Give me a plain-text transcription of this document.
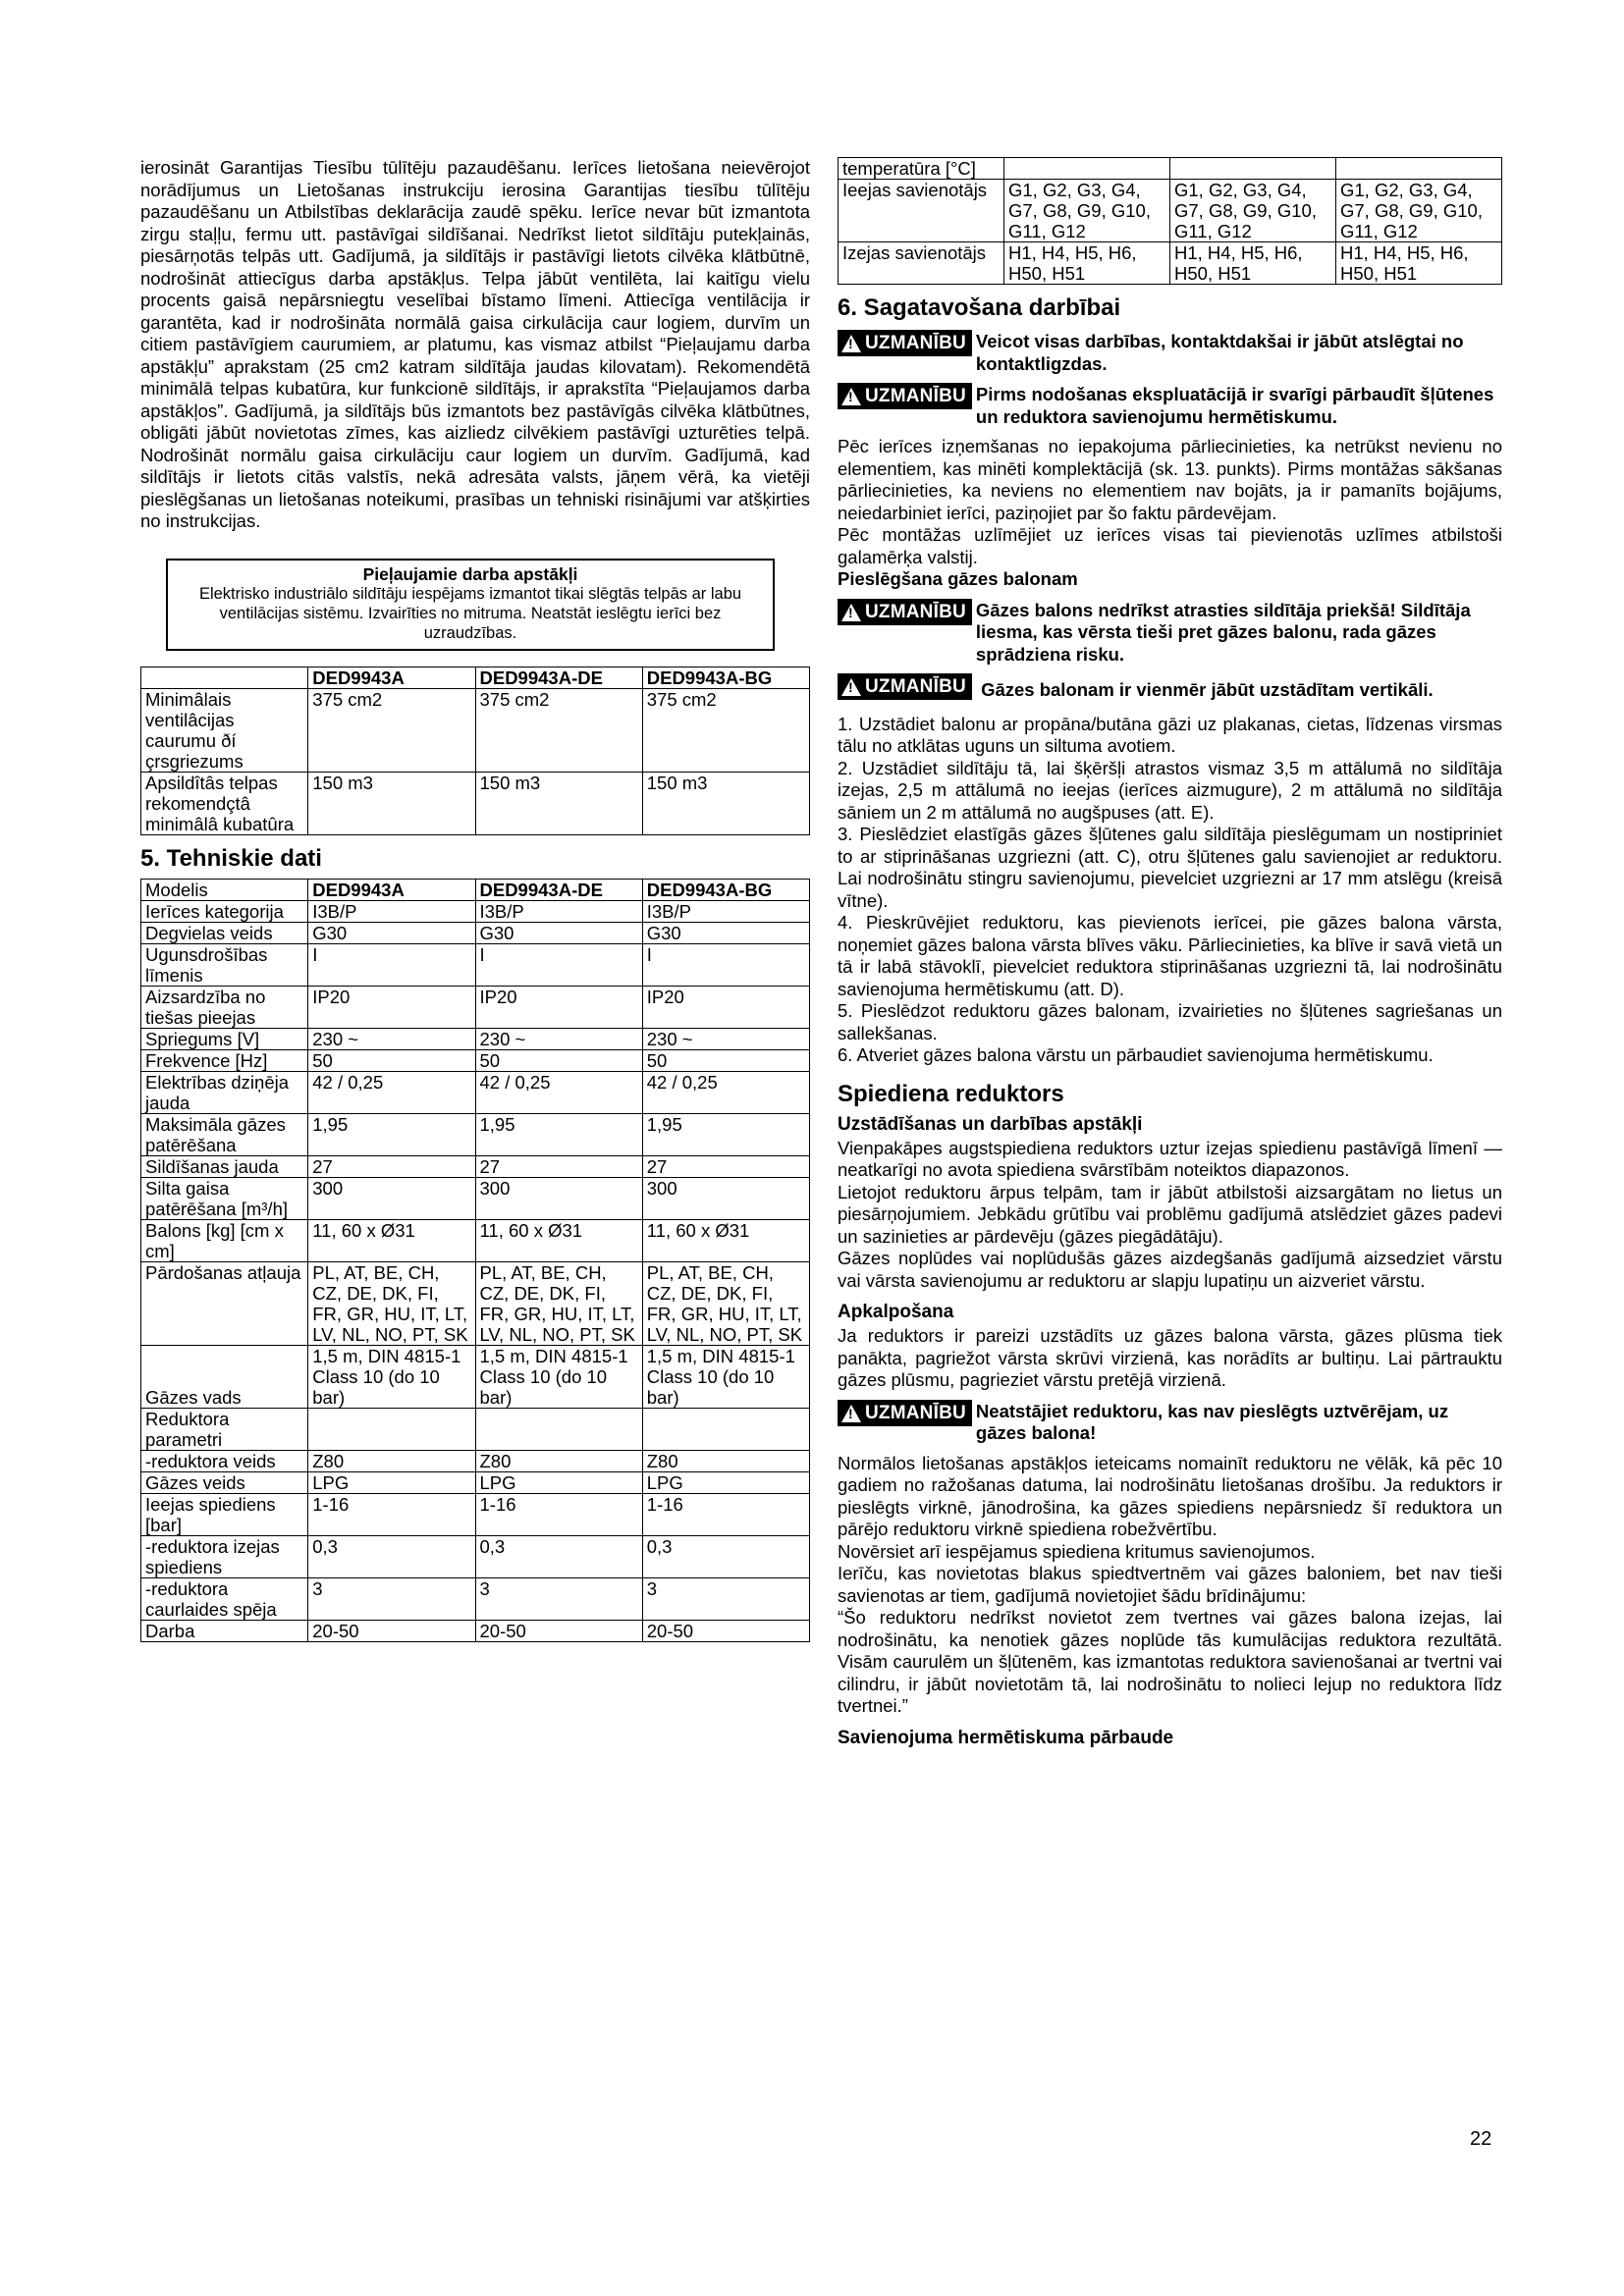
ierosināt Garantijas Tiesību tūlītēju pazaudēšanu. Ierīces lietošana neievērojot norādījumus un Lietošanas instrukciju ierosina Garantijas tiesību tūlītēju pazaudēšanu un Atbilstības deklarācija zaudē spēku. Ierīce nevar būt izmantota zirgu staļļu, fermu utt. pastāvīgai sildīšanai. Nedrīkst lietot sildītāju putekļainās, piesārņotās telpās utt. Gadījumā, ja sildītājs ir pastāvīgi lietots cilvēka klātbūtnē, nodrošināt attiecīgus darba apstākļus. Telpa jābūt ventilēta, lai kaitīgu vielu procents gaisā nepārsniegtu veselībai bīstamo līmeni. Attiecīga ventilācija ir garantēta, kad ir nodrošināta normālā gaisa cirkulācija caur logiem, durvīm un citiem pastāvīgiem caurumiem, ar platumu, kas vismaz atbilst “Pieļaujamu darba apstākļu” aprakstam (25 cm2 katram sildītāja jaudas kilovatam). Rekomendētā minimālā telpas kubatūra, kur funkcionē sildītājs, ir aprakstīta “Pieļaujamos darba apstākļos”. Gadījumā, ja sildītājs būs izmantots bez pastāvīgās cilvēka klātbūtnes, obligāti jābūt novietotas zīmes, kas aizliedz cilvēkiem pastāvīgi uzturēties telpā. Nodrošināt normālu gaisa cirkulāciju caur logiem un durvīm. Gadījumā, kad sildītājs ir lietots citās valstīs, nekā adresāta valsts, jāņem vērā, ka vietēji pieslēgšanas un lietošanas noteikumi, prasības un tehniski risinājumi var atšķirties no instrukcijas.

Pieļaujamie darba apstākļi
Elektrisko industriālo sildītāju iespējams izmantot tikai slēgtās telpās ar labu ventilācijas sistēmu. Izvairīties no mitruma. Neatstāt ieslēgtu ierīci bez uzraudzības.
	DED9943A	DED9943A-DE	DED9943A-BG
Minimâlais ventilâcijas caurumu ðí çrsgriezums	375 cm2	375 cm2	375 cm2
Apsildîtâs telpas rekomendçtâ minimâlâ kubatûra	150 m3	150 m3	150 m3
5. Tehniskie dati
Modelis	DED9943A	DED9943A-DE	DED9943A-BG
Ierīces kategorija	I3B/P	I3B/P	I3B/P
Degvielas veids	G30	G30	G30
Ugunsdrošības līmenis	I	I	I
Aizsardzība no tiešas pieejas	IP20	IP20	IP20
Spriegums [V]	230 ~	230 ~	230 ~
Frekvence [Hz]	50	50	50
Elektrības dziņēja jauda	42 / 0,25	42 / 0,25	42 / 0,25
Maksimāla gāzes patērēšana	1,95	1,95	1,95
Sildīšanas jauda	27	27	27
Silta gaisa patērēšana [m³/h]	300	300	300
Balons [kg] [cm x cm]	11, 60 x Ø31	11, 60 x Ø31	11, 60 x Ø31
Pārdošanas atļauja	PL, AT, BE, CH, CZ, DE, DK, FI, FR, GR, HU, IT, LT, LV, NL, NO, PT, SK	PL, AT, BE, CH, CZ, DE, DK, FI, FR, GR, HU, IT, LT, LV, NL, NO, PT, SK	PL, AT, BE, CH, CZ, DE, DK, FI, FR, GR, HU, IT, LT, LV, NL, NO, PT, SK
Gāzes vads	1,5 m, DIN 4815-1 Class 10 (do 10 bar)	1,5 m, DIN 4815-1 Class 10 (do 10 bar)	1,5 m, DIN 4815-1 Class 10 (do 10 bar)
Reduktora parametri			
-reduktora veids	Z80	Z80	Z80
Gāzes veids	LPG	LPG	LPG
Ieejas spiediens [bar]	1-16	1-16	1-16
-reduktora izejas spiediens	0,3	0,3	0,3
-reduktora caurlaides spēja	3	3	3
Darba	20-50	20-50	20-50
temperatūra [°C]			
Ieejas savienotājs	G1, G2, G3, G4, G7, G8, G9, G10, G11, G12	G1, G2, G3, G4, G7, G8, G9, G10, G11, G12	G1, G2, G3, G4, G7, G8, G9, G10, G11, G12
Izejas savienotājs	H1, H4, H5, H6, H50, H51	H1, H4, H5, H6, H50, H51	H1, H4, H5, H6, H50, H51
6. Sagatavošana darbībai
!
UZMANĪBU Veicot visas darbības, kontaktdakšai ir jābūt atslēgtai no kontaktligzdas.
!
UZMANĪBU Pirms nodošanas ekspluatācijā ir svarīgi pārbaudīt šļūtenes un reduktora savienojumu hermētiskumu.

Pēc ierīces izņemšanas no iepakojuma pārliecinieties, ka netrūkst nevienu no elementiem, kas minēti komplektācijā (sk. 13. punkts). Pirms montāžas sākšanas pārliecinieties, ka neviens no elementiem nav bojāts, ja ir pamanīts bojājums, neiedarbiniet ierīci, paziņojiet par šo faktu pārdevējam.

Pēc montāžas uzlīmējiet uz ierīces visas tai pievienotās uzlīmes atbilstoši galamērķa valstij.

Pieslēgšana gāzes balonam
!
UZMANĪBU Gāzes balons nedrīkst atrasties sildītāja priekšā! Sildītāja liesma, kas vērsta tieši pret gāzes balonu, rada gāzes sprādziena risku.
!
UZMANĪBU Gāzes balonam ir vienmēr jābūt uzstādītam vertikāli.

1. Uzstādiet balonu ar propāna/butāna gāzi uz plakanas, cietas, līdzenas virsmas tālu no atklātas uguns un siltuma avotiem.

2. Uzstādiet sildītāju tā, lai šķēršļi atrastos vismaz 3,5 m attālumā no sildītāja izejas, 2,5 m attālumā no ieejas (ierīces aizmugure), 2 m attālumā no sildītāja sāniem un 2 m attālumā no augšpuses (att. E).

3. Pieslēdziet elastīgās gāzes šļūtenes galu sildītāja pieslēgumam un nostipriniet to ar stiprināšanas uzgriezni (att. C), otru šļūtenes galu savienojiet ar reduktoru. Lai nodrošinātu stingru savienojumu, pievelciet uzgriezni ar 17 mm atslēgu (kreisā vītne).

4. Pieskrūvējiet reduktoru, kas pievienots ierīcei, pie gāzes balona vārsta, noņemiet gāzes balona vārsta blīves vāku. Pārliecinieties, ka blīve ir savā vietā un tā ir labā stāvoklī, pievelciet reduktora stiprināšanas uzgriezni tā, lai nodrošinātu savienojuma hermētiskumu (att. D).

5. Pieslēdzot reduktoru gāzes balonam, izvairieties no šļūtenes sagriešanas un sallekšanas.

6. Atveriet gāzes balona vārstu un pārbaudiet savienojuma hermētiskumu.

Spiediena reduktors
Uzstādīšanas un darbības apstākļi

Vienpakāpes augstspiediena reduktors uztur izejas spiedienu pastāvīgā līmenī — neatkarīgi no avota spiediena svārstībām noteiktos diapazonos.

Lietojot reduktoru ārpus telpām, tam ir jābūt atbilstoši aizsargātam no lietus un piesārņojumiem. Jebkādu grūtību vai problēmu gadījumā atslēdziet gāzes padevi un sazinieties ar pārdevēju (gāzes piegādātāju).

Gāzes noplūdes vai noplūdušās gāzes aizdegšanās gadījumā aizsedziet vārstu vai vārsta savienojumu ar reduktoru ar slapju lupatiņu un aizveriet vārstu.

Apkalpošana

Ja reduktors ir pareizi uzstādīts uz gāzes balona vārsta, gāzes plūsma tiek panākta, pagriežot vārsta skrūvi virzienā, kas norādīts ar bultiņu. Lai pārtrauktu gāzes plūsmu, pagrieziet vārstu pretējā virzienā.

!
UZMANĪBU Neatstājiet reduktoru, kas nav pieslēgts uztvērējam, uz gāzes balona!

Normālos lietošanas apstākļos ieteicams nomainīt reduktoru ne vēlāk, kā pēc 10 gadiem no ražošanas datuma, lai nodrošinātu lietošanas drošību. Ja reduktors ir pieslēgts virknē, jānodrošina, ka gāzes spiediens nepārsniedz šī reduktora un pārējo reduktoru virknē spiediena robežvērtību.

Novērsiet arī iespējamus spiediena kritumus savienojumos.

Ierīču, kas novietotas blakus spiedtvertnēm vai gāzes baloniem, bet nav tieši savienotas ar tiem, gadījumā novietojiet šādu brīdinājumu:

“Šo reduktoru nedrīkst novietot zem tvertnes vai gāzes balona izejas, lai nodrošinātu, ka nenotiek gāzes noplūde tās kumulācijas reduktora rezultātā. Visām caurulēm un šļūtenēm, kas izmantotas reduktora savienošanai ar tvertni vai cilindru, ir jābūt novietotām tā, lai nodrošinātu to nolieci lejup no reduktora līdz tvertnei.”

Savienojuma hermētiskuma pārbaude
22
